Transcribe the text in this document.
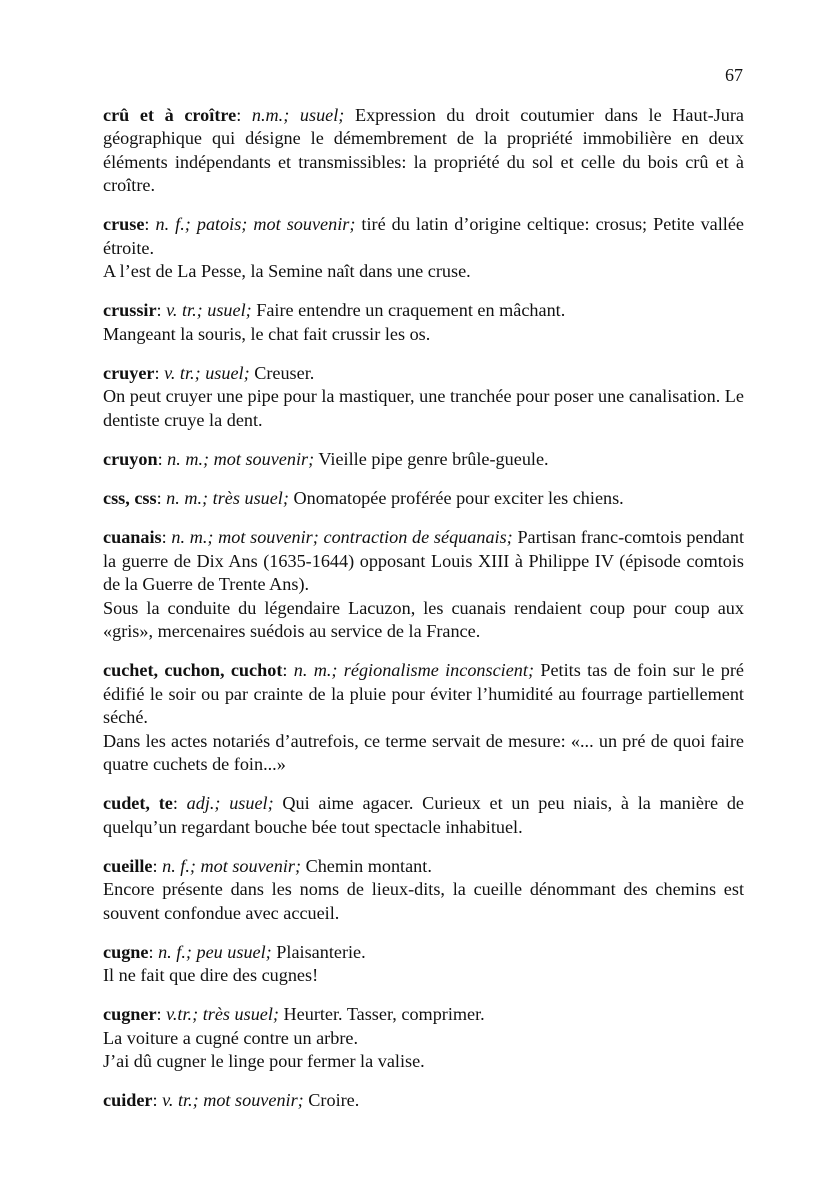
67

crû et à croître: n.m.; usuel; Expression du droit coutumier dans le Haut-Jura géographique qui désigne le démembrement de la propriété immobilière en deux éléments indépendants et transmissibles: la propriété du sol et celle du bois crû et à croître.

cruse: n. f.; patois; mot souvenir; tiré du latin d’origine celtique: crosus; Petite vallée étroite.

A l’est de La Pesse, la Semine naît dans une cruse.

crussir: v. tr.; usuel; Faire entendre un craquement en mâchant.

Mangeant la souris, le chat fait crussir les os.

cruyer: v. tr.; usuel; Creuser.

On peut cruyer une pipe pour la mastiquer, une tranchée pour poser une canalisation. Le dentiste cruye la dent.

cruyon: n. m.; mot souvenir; Vieille pipe genre brûle-gueule.

css, css: n. m.; très usuel; Onomatopée proférée pour exciter les chiens.

cuanais: n. m.; mot souvenir; contraction de séquanais; Partisan franc-comtois pendant la guerre de Dix Ans (1635-1644) opposant Louis XIII à Philippe IV (épisode comtois de la Guerre de Trente Ans).

Sous la conduite du légendaire Lacuzon, les cuanais rendaient coup pour coup aux «gris», mercenaires suédois au service de la France.

cuchet, cuchon, cuchot: n. m.; régionalisme inconscient; Petits tas de foin sur le pré édifié le soir ou par crainte de la pluie pour éviter l’humidité au fourrage partiellement séché.

Dans les actes notariés d’autrefois, ce terme servait de mesure: «... un pré de quoi faire quatre cuchets de foin...»

cudet, te: adj.; usuel; Qui aime agacer. Curieux et un peu niais, à la manière de quelqu’un regardant bouche bée tout spectacle inhabituel.

cueille: n. f.; mot souvenir; Chemin montant.

Encore présente dans les noms de lieux-dits, la cueille dénommant des chemins est souvent confondue avec accueil.

cugne: n. f.; peu usuel; Plaisanterie.

Il ne fait que dire des cugnes!

cugner: v.tr.; très usuel; Heurter. Tasser, comprimer.

La voiture a cugné contre un arbre.

J’ai dû cugner le linge pour fermer la valise.

cuider: v. tr.; mot souvenir; Croire.
